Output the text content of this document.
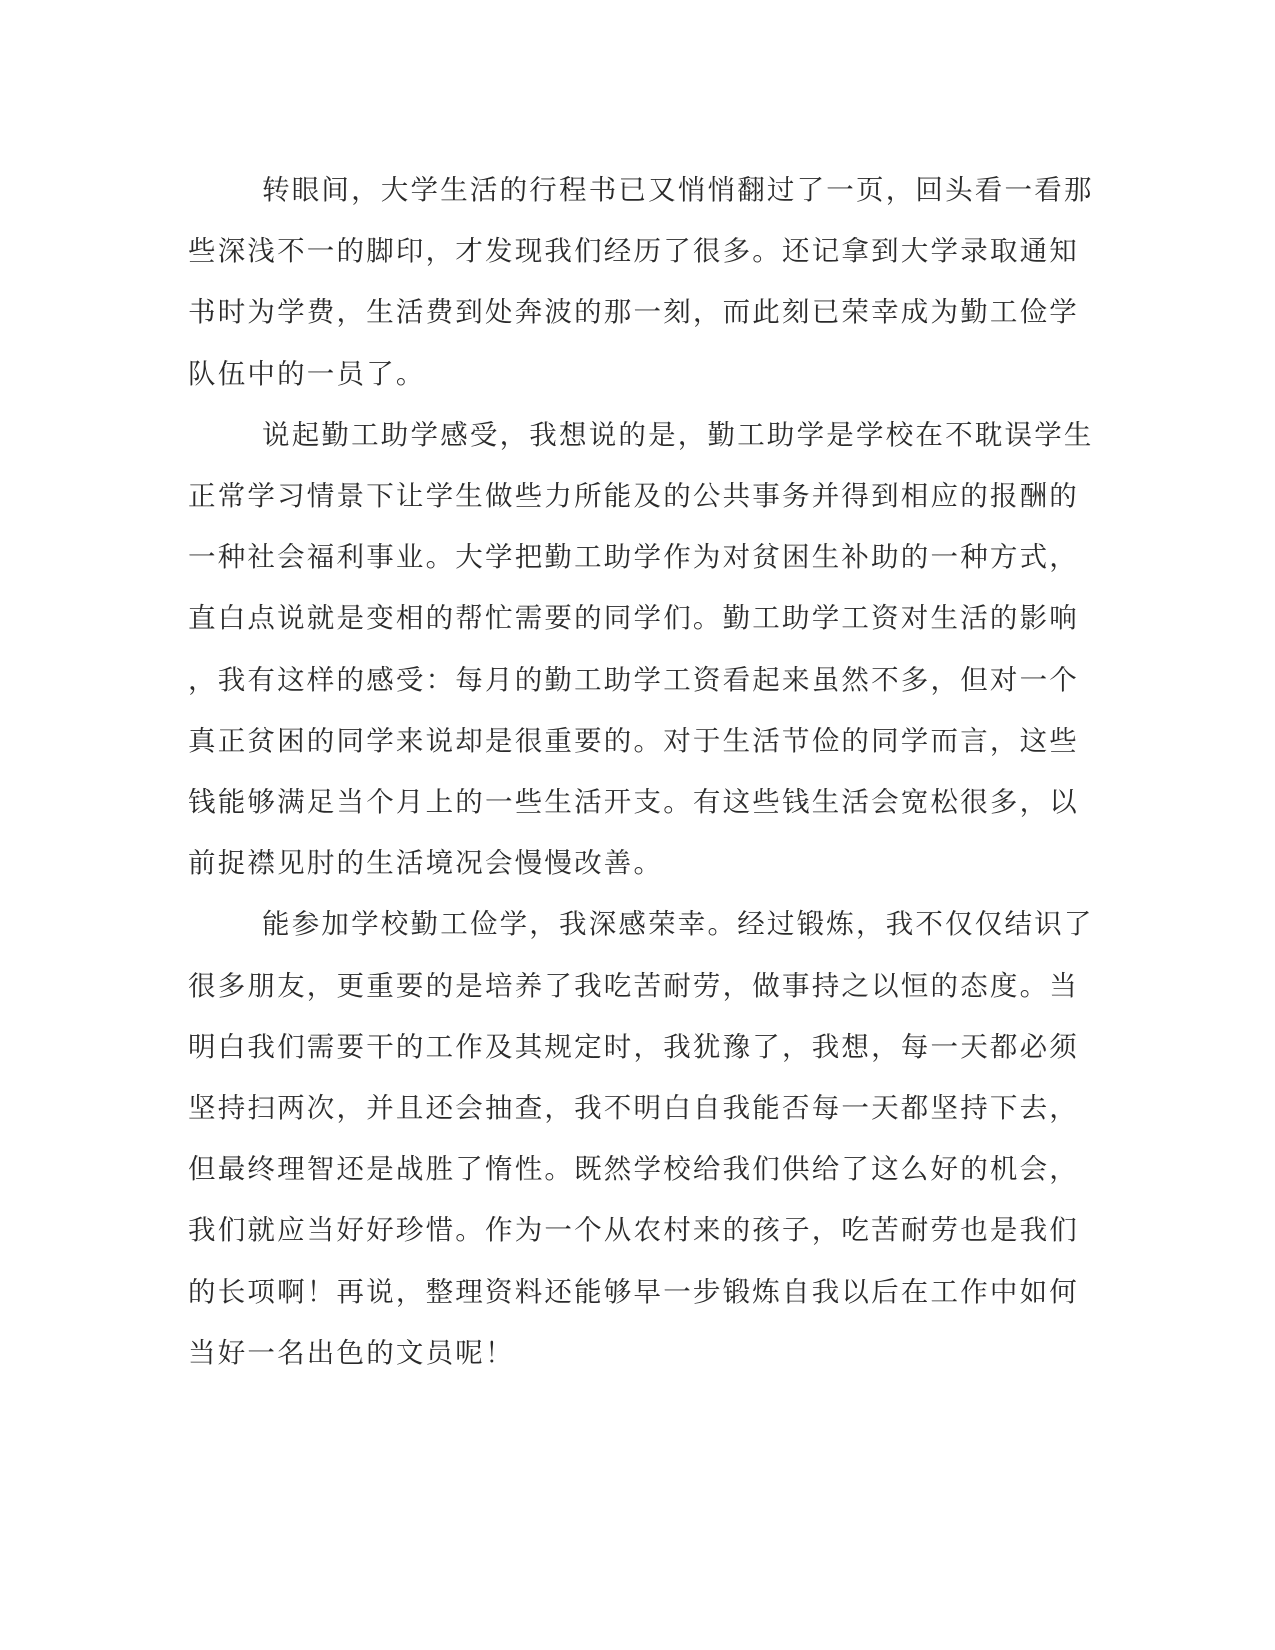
转眼间，大学生活的行程书已又悄悄翻过了一页，回头看一看那
些深浅不一的脚印，才发现我们经历了很多。还记拿到大学录取通知
书时为学费，生活费到处奔波的那一刻，而此刻已荣幸成为勤工俭学
队伍中的一员了。
说起勤工助学感受，我想说的是，勤工助学是学校在不耽误学生
正常学习情景下让学生做些力所能及的公共事务并得到相应的报酬的
一种社会福利事业。大学把勤工助学作为对贫困生补助的一种方式，
直白点说就是变相的帮忙需要的同学们。勤工助学工资对生活的影响
，我有这样的感受：每月的勤工助学工资看起来虽然不多，但对一个
真正贫困的同学来说却是很重要的。对于生活节俭的同学而言，这些
钱能够满足当个月上的一些生活开支。有这些钱生活会宽松很多，以
前捉襟见肘的生活境况会慢慢改善。
能参加学校勤工俭学，我深感荣幸。经过锻炼，我不仅仅结识了
很多朋友，更重要的是培养了我吃苦耐劳，做事持之以恒的态度。当
明白我们需要干的工作及其规定时，我犹豫了，我想，每一天都必须
坚持扫两次，并且还会抽查，我不明白自我能否每一天都坚持下去，
但最终理智还是战胜了惰性。既然学校给我们供给了这么好的机会，
我们就应当好好珍惜。作为一个从农村来的孩子，吃苦耐劳也是我们
的长项啊！再说，整理资料还能够早一步锻炼自我以后在工作中如何
当好一名出色的文员呢！
